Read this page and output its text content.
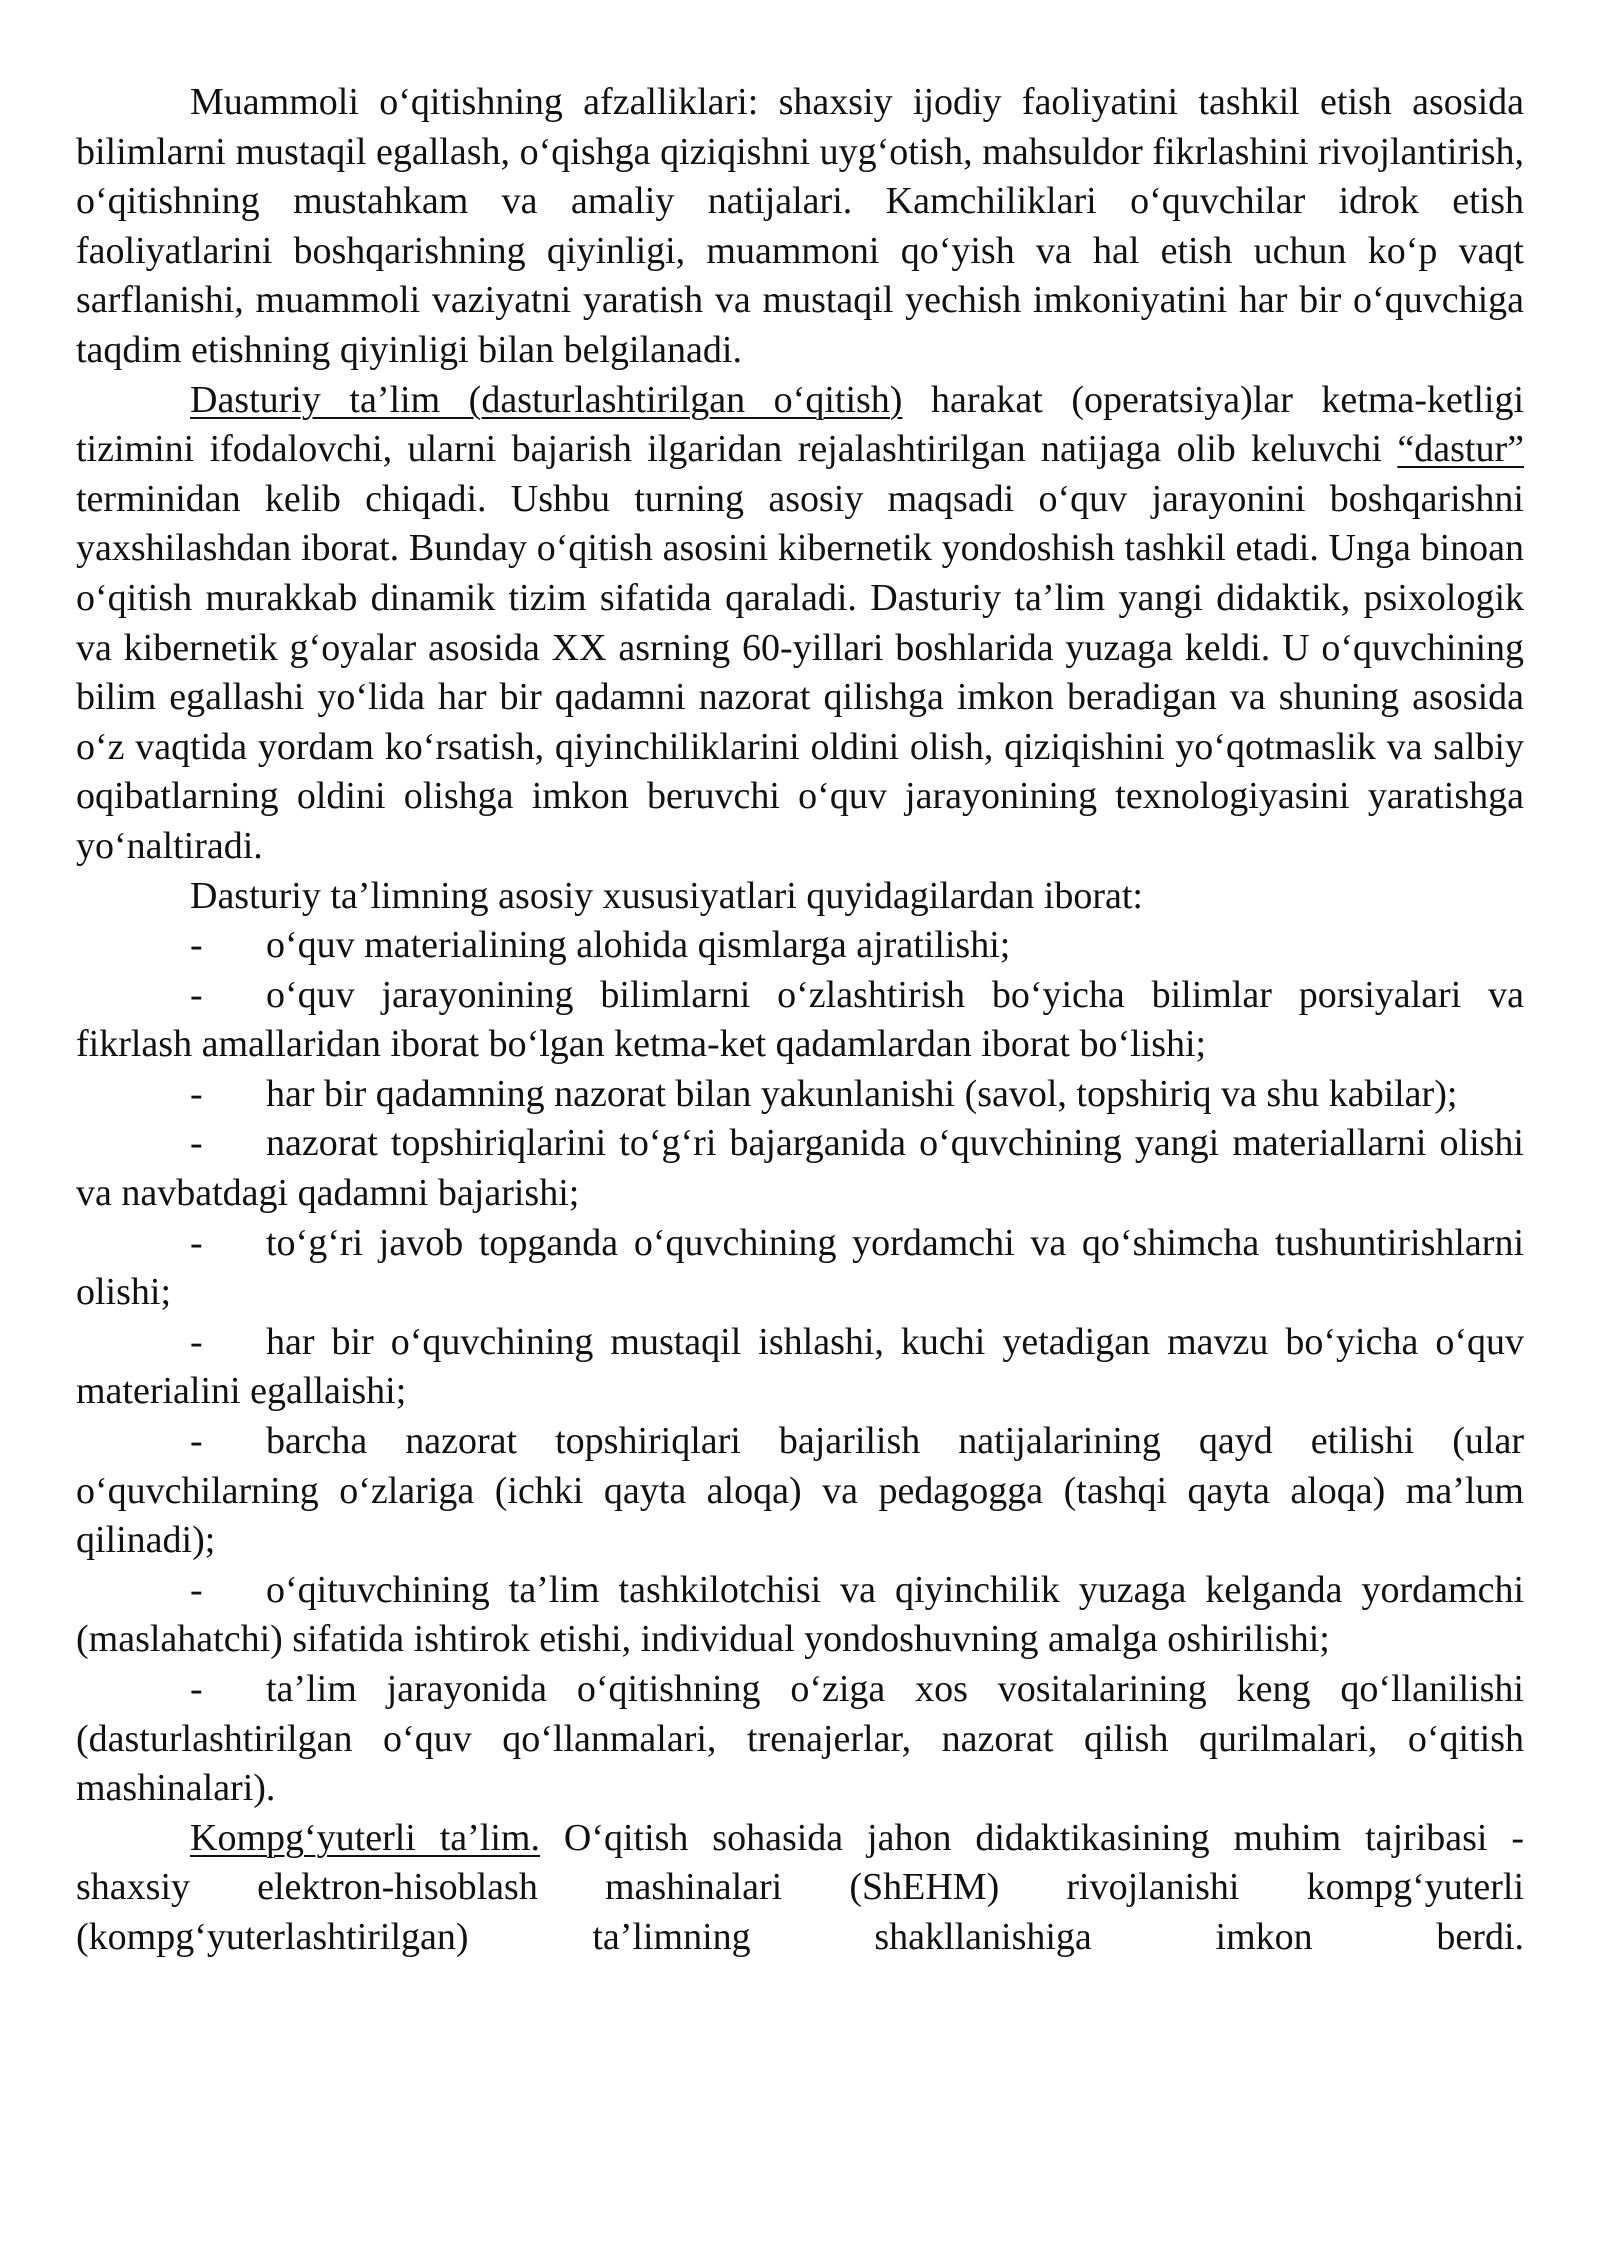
Muammoli o‘qitishning afzalliklari: shaxsiy ijodiy faoliyatini tashkil etish asosida bilimlarni mustaqil egallash, o‘qishga qiziqishni uyg‘otish, mahsuldor fikrlashini rivojlantirish, o‘qitishning mustahkam va amaliy natijalari. Kamchiliklari o‘quvchilar idrok etish faoliyatlarini boshqarishning qiyinligi, muammoni qo‘yish va hal etish uchun ko‘p vaqt sarflanishi, muammoli vaziyatni yaratish va mustaqil yechish imkoniyatini har bir o‘quvchiga taqdim etishning qiyinligi bilan belgilanadi.

Dasturiy ta’lim (dasturlashtirilgan o‘qitish) harakat (operatsiya)lar ketma-ketligi tizimini ifodalovchi, ularni bajarish ilgaridan rejalashtirilgan natijaga olib keluvchi “dastur” terminidan kelib chiqadi. Ushbu turning asosiy maqsadi o‘quv jarayonini boshqarishni yaxshilashdan iborat. Bunday o‘qitish asosini kibernetik yondoshish tashkil etadi. Unga binoan o‘qitish murakkab dinamik tizim sifatida qaraladi. Dasturiy ta’lim yangi didaktik, psixologik va kibernetik g‘oyalar asosida XX asrning 60-yillari boshlarida yuzaga keldi. U o‘quvchining bilim egallashi yo‘lida har bir qadamni nazorat qilishga imkon beradigan va shuning asosida o‘z vaqtida yordam ko‘rsatish, qiyinchiliklarini oldini olish, qiziqishini yo‘qotmaslik va salbiy oqibatlarning oldini olishga imkon beruvchi o‘quv jarayonining texnologiyasini yaratishga yo‘naltiradi.

Dasturiy ta’limning asosiy xususiyatlari quyidagilardan iborat:

- o‘quv materialining alohida qismlarga ajratilishi;

- o‘quv jarayonining bilimlarni o‘zlashtirish bo‘yicha bilimlar porsiyalari va fikrlash amallaridan iborat bo‘lgan ketma-ket qadamlardan iborat bo‘lishi;

- har bir qadamning nazorat bilan yakunlanishi (savol, topshiriq va shu kabilar);

- nazorat topshiriqlarini to‘g‘ri bajarganida o‘quvchining yangi materiallarni olishi va navbatdagi qadamni bajarishi;

- to‘g‘ri javob topganda o‘quvchining yordamchi va qo‘shimcha tushuntirishlarni olishi;

- har bir o‘quvchining mustaqil ishlashi, kuchi yetadigan mavzu bo‘yicha o‘quv materialini egallaishi;

- barcha nazorat topshiriqlari bajarilish natijalarining qayd etilishi (ular o‘quvchilarning o‘zlariga (ichki qayta aloqa) va pedagogga (tashqi qayta aloqa) ma’lum qilinadi);

- o‘qituvchining ta’lim tashkilotchisi va qiyinchilik yuzaga kelganda yordamchi (maslahatchi) sifatida ishtirok etishi, individual yondoshuvning amalga oshirilishi;

- ta’lim jarayonida o‘qitishning o‘ziga xos vositalarining keng qo‘llanilishi (dasturlashtirilgan o‘quv qo‘llanmalari, trenajerlar, nazorat qilish qurilmalari, o‘qitish mashinalari).

Kompg‘yuterli ta’lim. O‘qitish sohasida jahon didaktikasining muhim tajribasi - shaxsiy elektron-hisoblash mashinalari (ShEHM) rivojlanishi kompg‘yuterli (kompg‘yuterlashtirilgan) ta’limning shakllanishiga imkon berdi.
